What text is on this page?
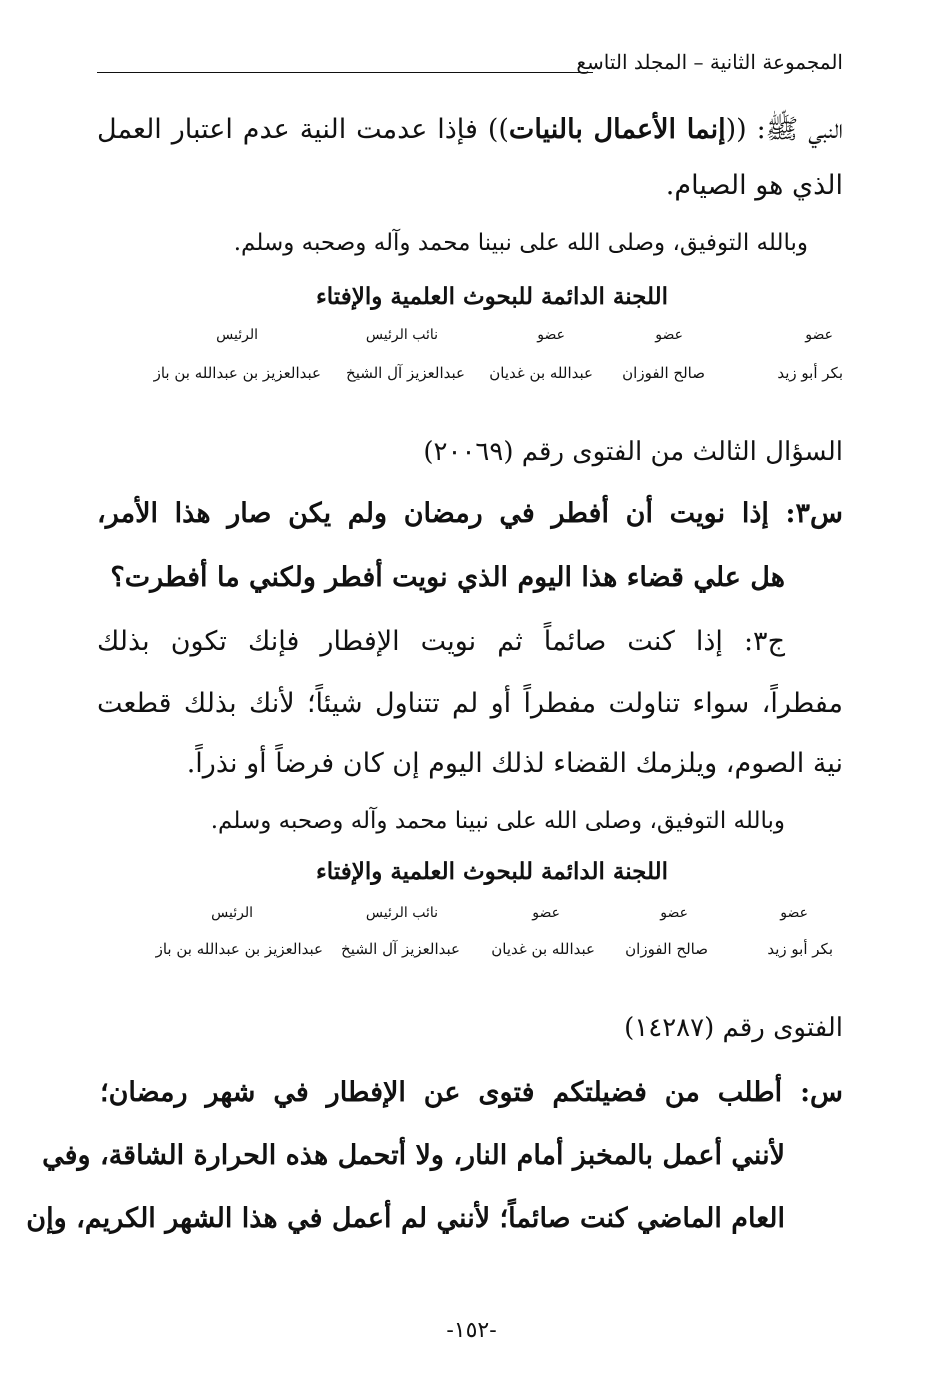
المجموعة الثانية – المجلد التاسع
النبي ﷺ: ((إنما الأعمال بالنيات)) فإذا عدمت النية عدم اعتبار العمل
الذي هو الصيام.
وبالله التوفيق، وصلى الله على نبينا محمد وآله وصحبه وسلم.
اللجنة الدائمة للبحوث العلمية والإفتاء
عضو
بكر أبو زيد
عضو
صالح الفوزان
عضو
عبدالله بن غديان
نائب الرئيس
عبدالعزيز آل الشيخ
الرئيس
عبدالعزيز بن عبدالله بن باز
السؤال الثالث من الفتوى رقم (٢٠٠٦٩)
س٣: إذا نويت أن أفطر في رمضان ولم يكن صار هذا الأمر،
هل علي قضاء هذا اليوم الذي نويت أفطر ولكني ما أفطرت؟
ج٣: إذا كنت صائماً ثم نويت الإفطار فإنك تكون بذلك
مفطراً، سواء تناولت مفطراً أو لم تتناول شيئاً؛ لأنك بذلك قطعت
نية الصوم، ويلزمك القضاء لذلك اليوم إن كان فرضاً أو نذراً.
وبالله التوفيق، وصلى الله على نبينا محمد وآله وصحبه وسلم.
اللجنة الدائمة للبحوث العلمية والإفتاء
عضو
بكر أبو زيد
عضو
صالح الفوزان
عضو
عبدالله بن غديان
نائب الرئيس
عبدالعزيز آل الشيخ
الرئيس
عبدالعزيز بن عبدالله بن باز
الفتوى رقم (١٤٢٨٧)
س: أطلب من فضيلتكم فتوى عن الإفطار في شهر رمضان؛
لأنني أعمل بالمخبز أمام النار، ولا أتحمل هذه الحرارة الشاقة، وفي
العام الماضي كنت صائماً؛ لأنني لم أعمل في هذا الشهر الكريم، وإن
-١٥٢-
